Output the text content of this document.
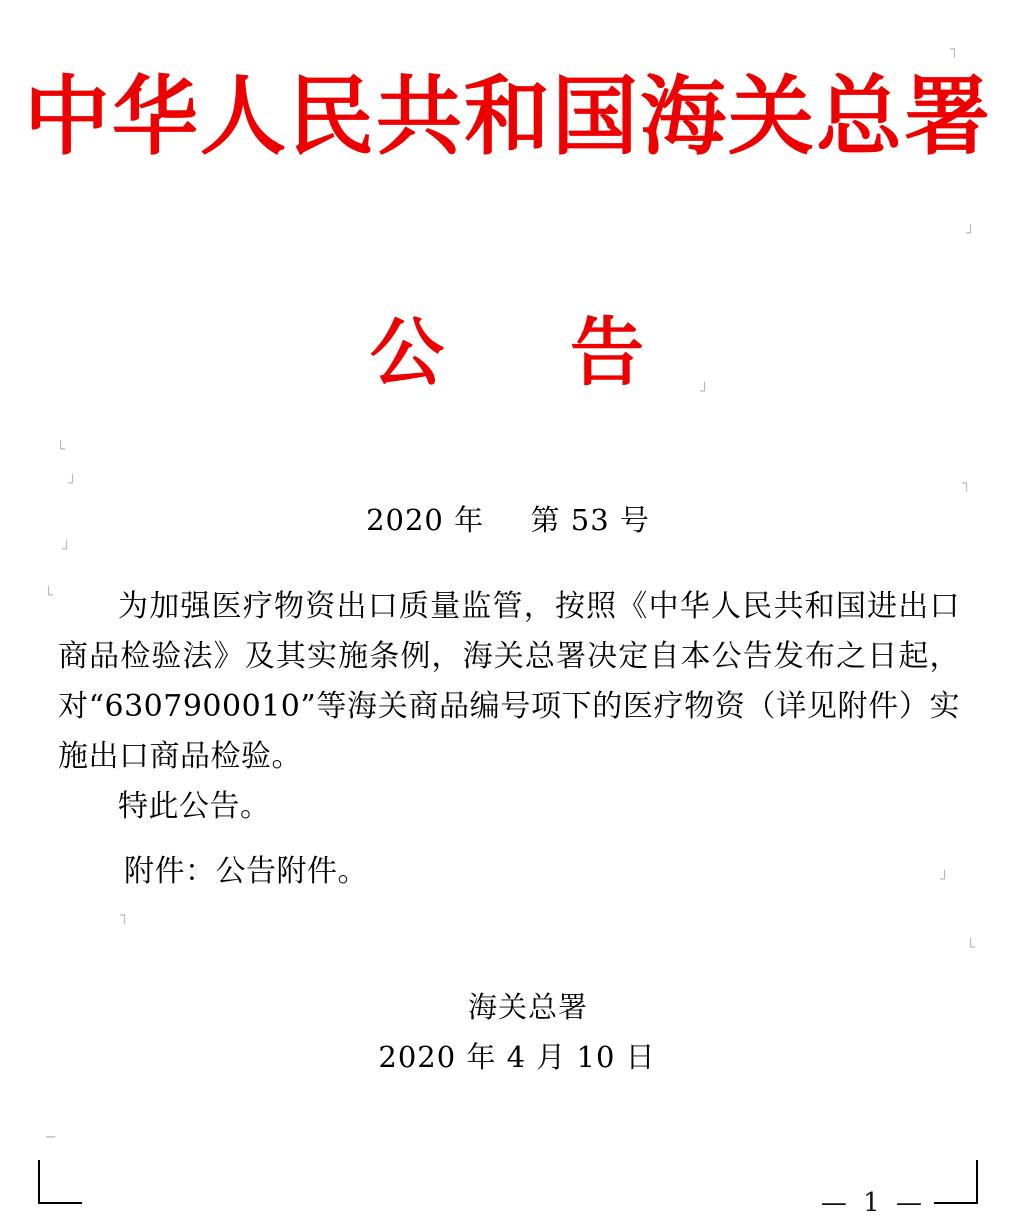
中华人民共和国海关总署
公 告
2020 年 第 53 号

为加强医疗物资出口质量监管，按照《中华人民共和国进出口商品检验法》及其实施条例，海关总署决定自本公告发布之日起，对“6307900010”等海关商品编号项下的医疗物资（详见附件）实施出口商品检验。

特此公告。

附件：公告附件。
海关总署
2020 年 4 月 10 日
— 1 —
└
┘
┘
└
┐
┘
┐
┘
└
─
┐
┘
